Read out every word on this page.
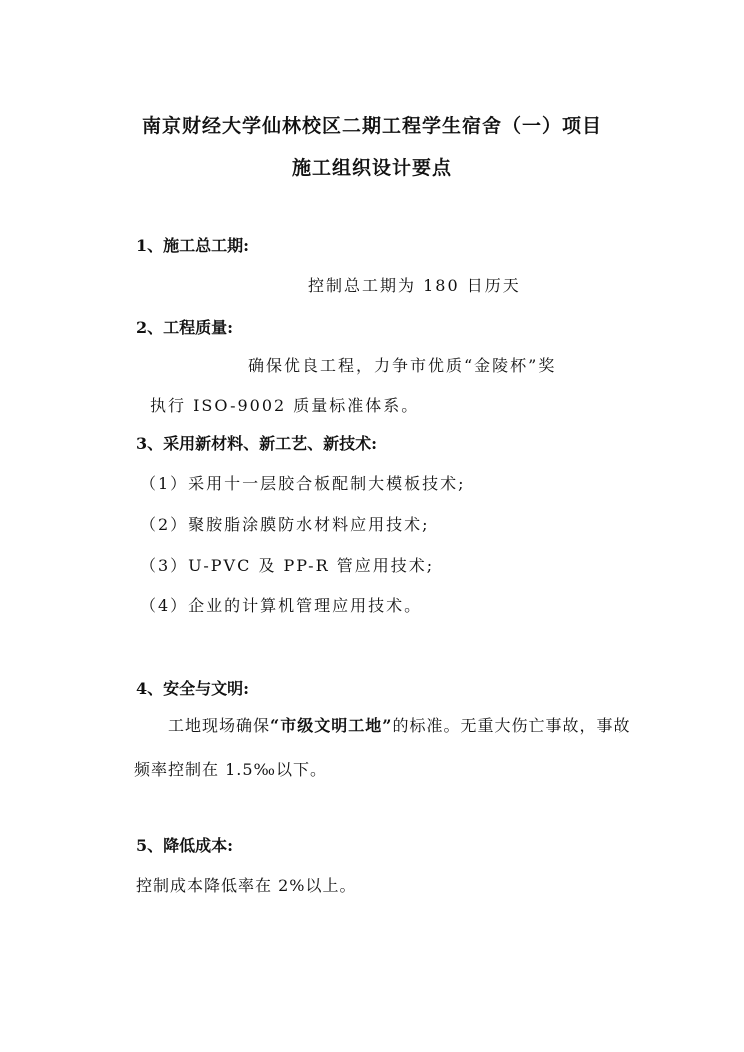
南京财经大学仙林校区二期工程学生宿舍（一）项目
施工组织设计要点
1、施工总工期:
控制总工期为 180 日历天
2、工程质量:
确保优良工程，力争市优质“金陵杯”奖
执行 ISO-9002 质量标准体系。
3、采用新材料、新工艺、新技术:
（1）采用十一层胶合板配制大模板技术;
（2）聚胺脂涂膜防水材料应用技术;
（3）U-PVC 及 PP-R 管应用技术;
（4）企业的计算机管理应用技术。
4、安全与文明:
工地现场确保“市级文明工地”的标准。无重大伤亡事故，事故
频率控制在 1.5‰以下。
5、降低成本:
控制成本降低率在 2%以上。
